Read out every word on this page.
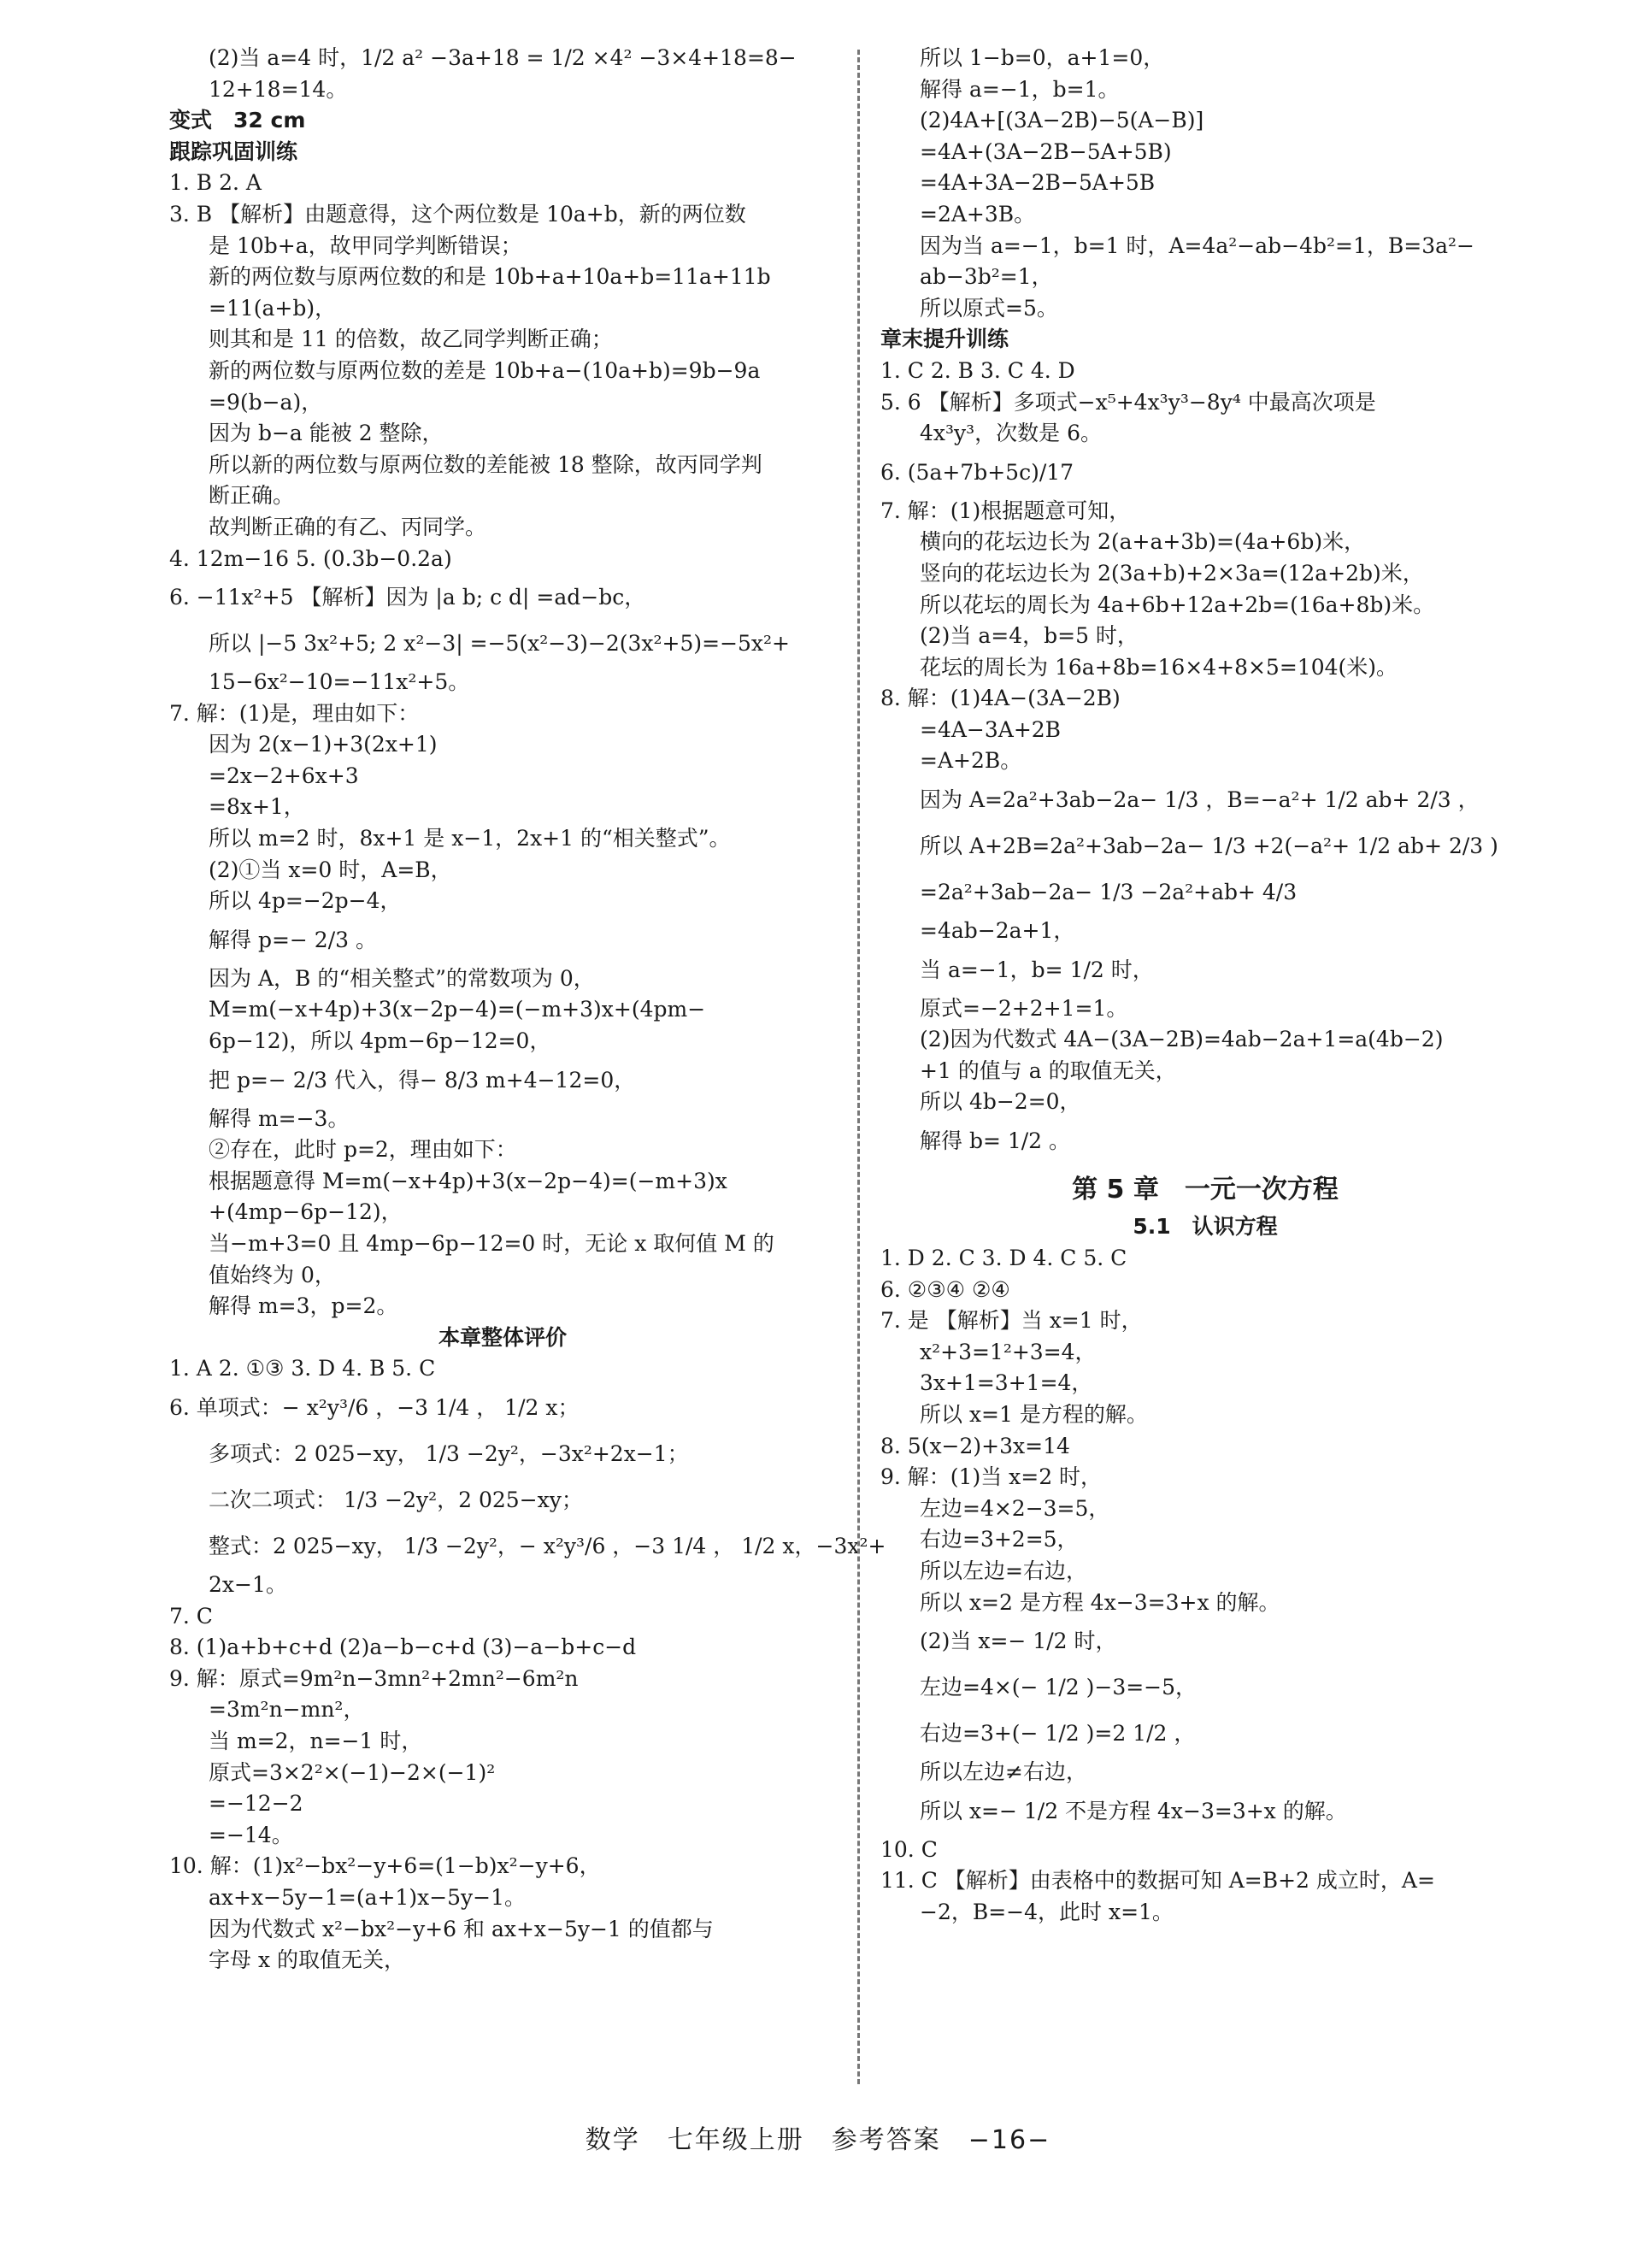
(2)当 a=4 时，1/2 a² −3a+18 = 1/2 ×4² −3×4+18=8−
12+18=14。
变式　32 cm
跟踪巩固训练
1. B 2. A
3. B 【解析】由题意得，这个两位数是 10a+b，新的两位数
是 10b+a，故甲同学判断错误；
新的两位数与原两位数的和是 10b+a+10a+b=11a+11b
=11(a+b)，
则其和是 11 的倍数，故乙同学判断正确；
新的两位数与原两位数的差是 10b+a−(10a+b)=9b−9a
=9(b−a)，
因为 b−a 能被 2 整除，
所以新的两位数与原两位数的差能被 18 整除，故丙同学判
断正确。
故判断正确的有乙、丙同学。
4. 12m−16 5. (0.3b−0.2a)
6. −11x²+5 【解析】因为 |a b; c d| =ad−bc，
所以 |−5 3x²+5; 2 x²−3| =−5(x²−3)−2(3x²+5)=−5x²+
15−6x²−10=−11x²+5。
7. 解：(1)是，理由如下：
因为 2(x−1)+3(2x+1)
=2x−2+6x+3
=8x+1，
所以 m=2 时，8x+1 是 x−1，2x+1 的“相关整式”。
(2)①当 x=0 时，A=B，
所以 4p=−2p−4，
解得 p=− 2/3 。
因为 A，B 的“相关整式”的常数项为 0，
M=m(−x+4p)+3(x−2p−4)=(−m+3)x+(4pm−
6p−12)，所以 4pm−6p−12=0，
把 p=− 2/3 代入，得− 8/3 m+4−12=0，
解得 m=−3。
②存在，此时 p=2，理由如下：
根据题意得 M=m(−x+4p)+3(x−2p−4)=(−m+3)x
+(4mp−6p−12)，
当−m+3=0 且 4mp−6p−12=0 时，无论 x 取何值 M 的
值始终为 0，
解得 m=3，p=2。
本章整体评价
1. A 2. ①③ 3. D 4. B 5. C
6. 单项式：− x²y³/6 ，−3 1/4 ， 1/2 x；
多项式：2 025−xy， 1/3 −2y²，−3x²+2x−1；
二次二项式： 1/3 −2y²，2 025−xy；
整式：2 025−xy， 1/3 −2y²，− x²y³/6 ，−3 1/4 ， 1/2 x，−3x²+
2x−1。
7. C
8. (1)a+b+c+d (2)a−b−c+d (3)−a−b+c−d
9. 解：原式=9m²n−3mn²+2mn²−6m²n
=3m²n−mn²，
当 m=2，n=−1 时，
原式=3×2²×(−1)−2×(−1)²
=−12−2
=−14。
10. 解：(1)x²−bx²−y+6=(1−b)x²−y+6，
ax+x−5y−1=(a+1)x−5y−1。
因为代数式 x²−bx²−y+6 和 ax+x−5y−1 的值都与
字母 x 的取值无关，
所以 1−b=0，a+1=0，
解得 a=−1，b=1。
(2)4A+[(3A−2B)−5(A−B)]
=4A+(3A−2B−5A+5B)
=4A+3A−2B−5A+5B
=2A+3B。
因为当 a=−1，b=1 时，A=4a²−ab−4b²=1，B=3a²−
ab−3b²=1，
所以原式=5。
章末提升训练
1. C 2. B 3. C 4. D
5. 6 【解析】多项式−x⁵+4x³y³−8y⁴ 中最高次项是
4x³y³，次数是 6。
6. (5a+7b+5c)/17
7. 解：(1)根据题意可知，
横向的花坛边长为 2(a+a+3b)=(4a+6b)米，
竖向的花坛边长为 2(3a+b)+2×3a=(12a+2b)米，
所以花坛的周长为 4a+6b+12a+2b=(16a+8b)米。
(2)当 a=4，b=5 时，
花坛的周长为 16a+8b=16×4+8×5=104(米)。
8. 解：(1)4A−(3A−2B)
=4A−3A+2B
=A+2B。
因为 A=2a²+3ab−2a− 1/3 ，B=−a²+ 1/2 ab+ 2/3 ，
所以 A+2B=2a²+3ab−2a− 1/3 +2(−a²+ 1/2 ab+ 2/3 )
=2a²+3ab−2a− 1/3 −2a²+ab+ 4/3
=4ab−2a+1，
当 a=−1，b= 1/2 时，
原式=−2+2+1=1。
(2)因为代数式 4A−(3A−2B)=4ab−2a+1=a(4b−2)
+1 的值与 a 的取值无关，
所以 4b−2=0，
解得 b= 1/2 。
第 5 章　一元一次方程
5.1　认识方程
1. D 2. C 3. D 4. C 5. C
6. ②③④ ②④
7. 是 【解析】当 x=1 时，
x²+3=1²+3=4，
3x+1=3+1=4，
所以 x=1 是方程的解。
8. 5(x−2)+3x=14
9. 解：(1)当 x=2 时，
左边=4×2−3=5，
右边=3+2=5，
所以左边=右边，
所以 x=2 是方程 4x−3=3+x 的解。
(2)当 x=− 1/2 时，
左边=4×(− 1/2 )−3=−5，
右边=3+(− 1/2 )=2 1/2 ，
所以左边≠右边，
所以 x=− 1/2 不是方程 4x−3=3+x 的解。
10. C
11. C 【解析】由表格中的数据可知 A=B+2 成立时，A=
−2，B=−4，此时 x=1。
数学　七年级上册　参考答案　−16−
